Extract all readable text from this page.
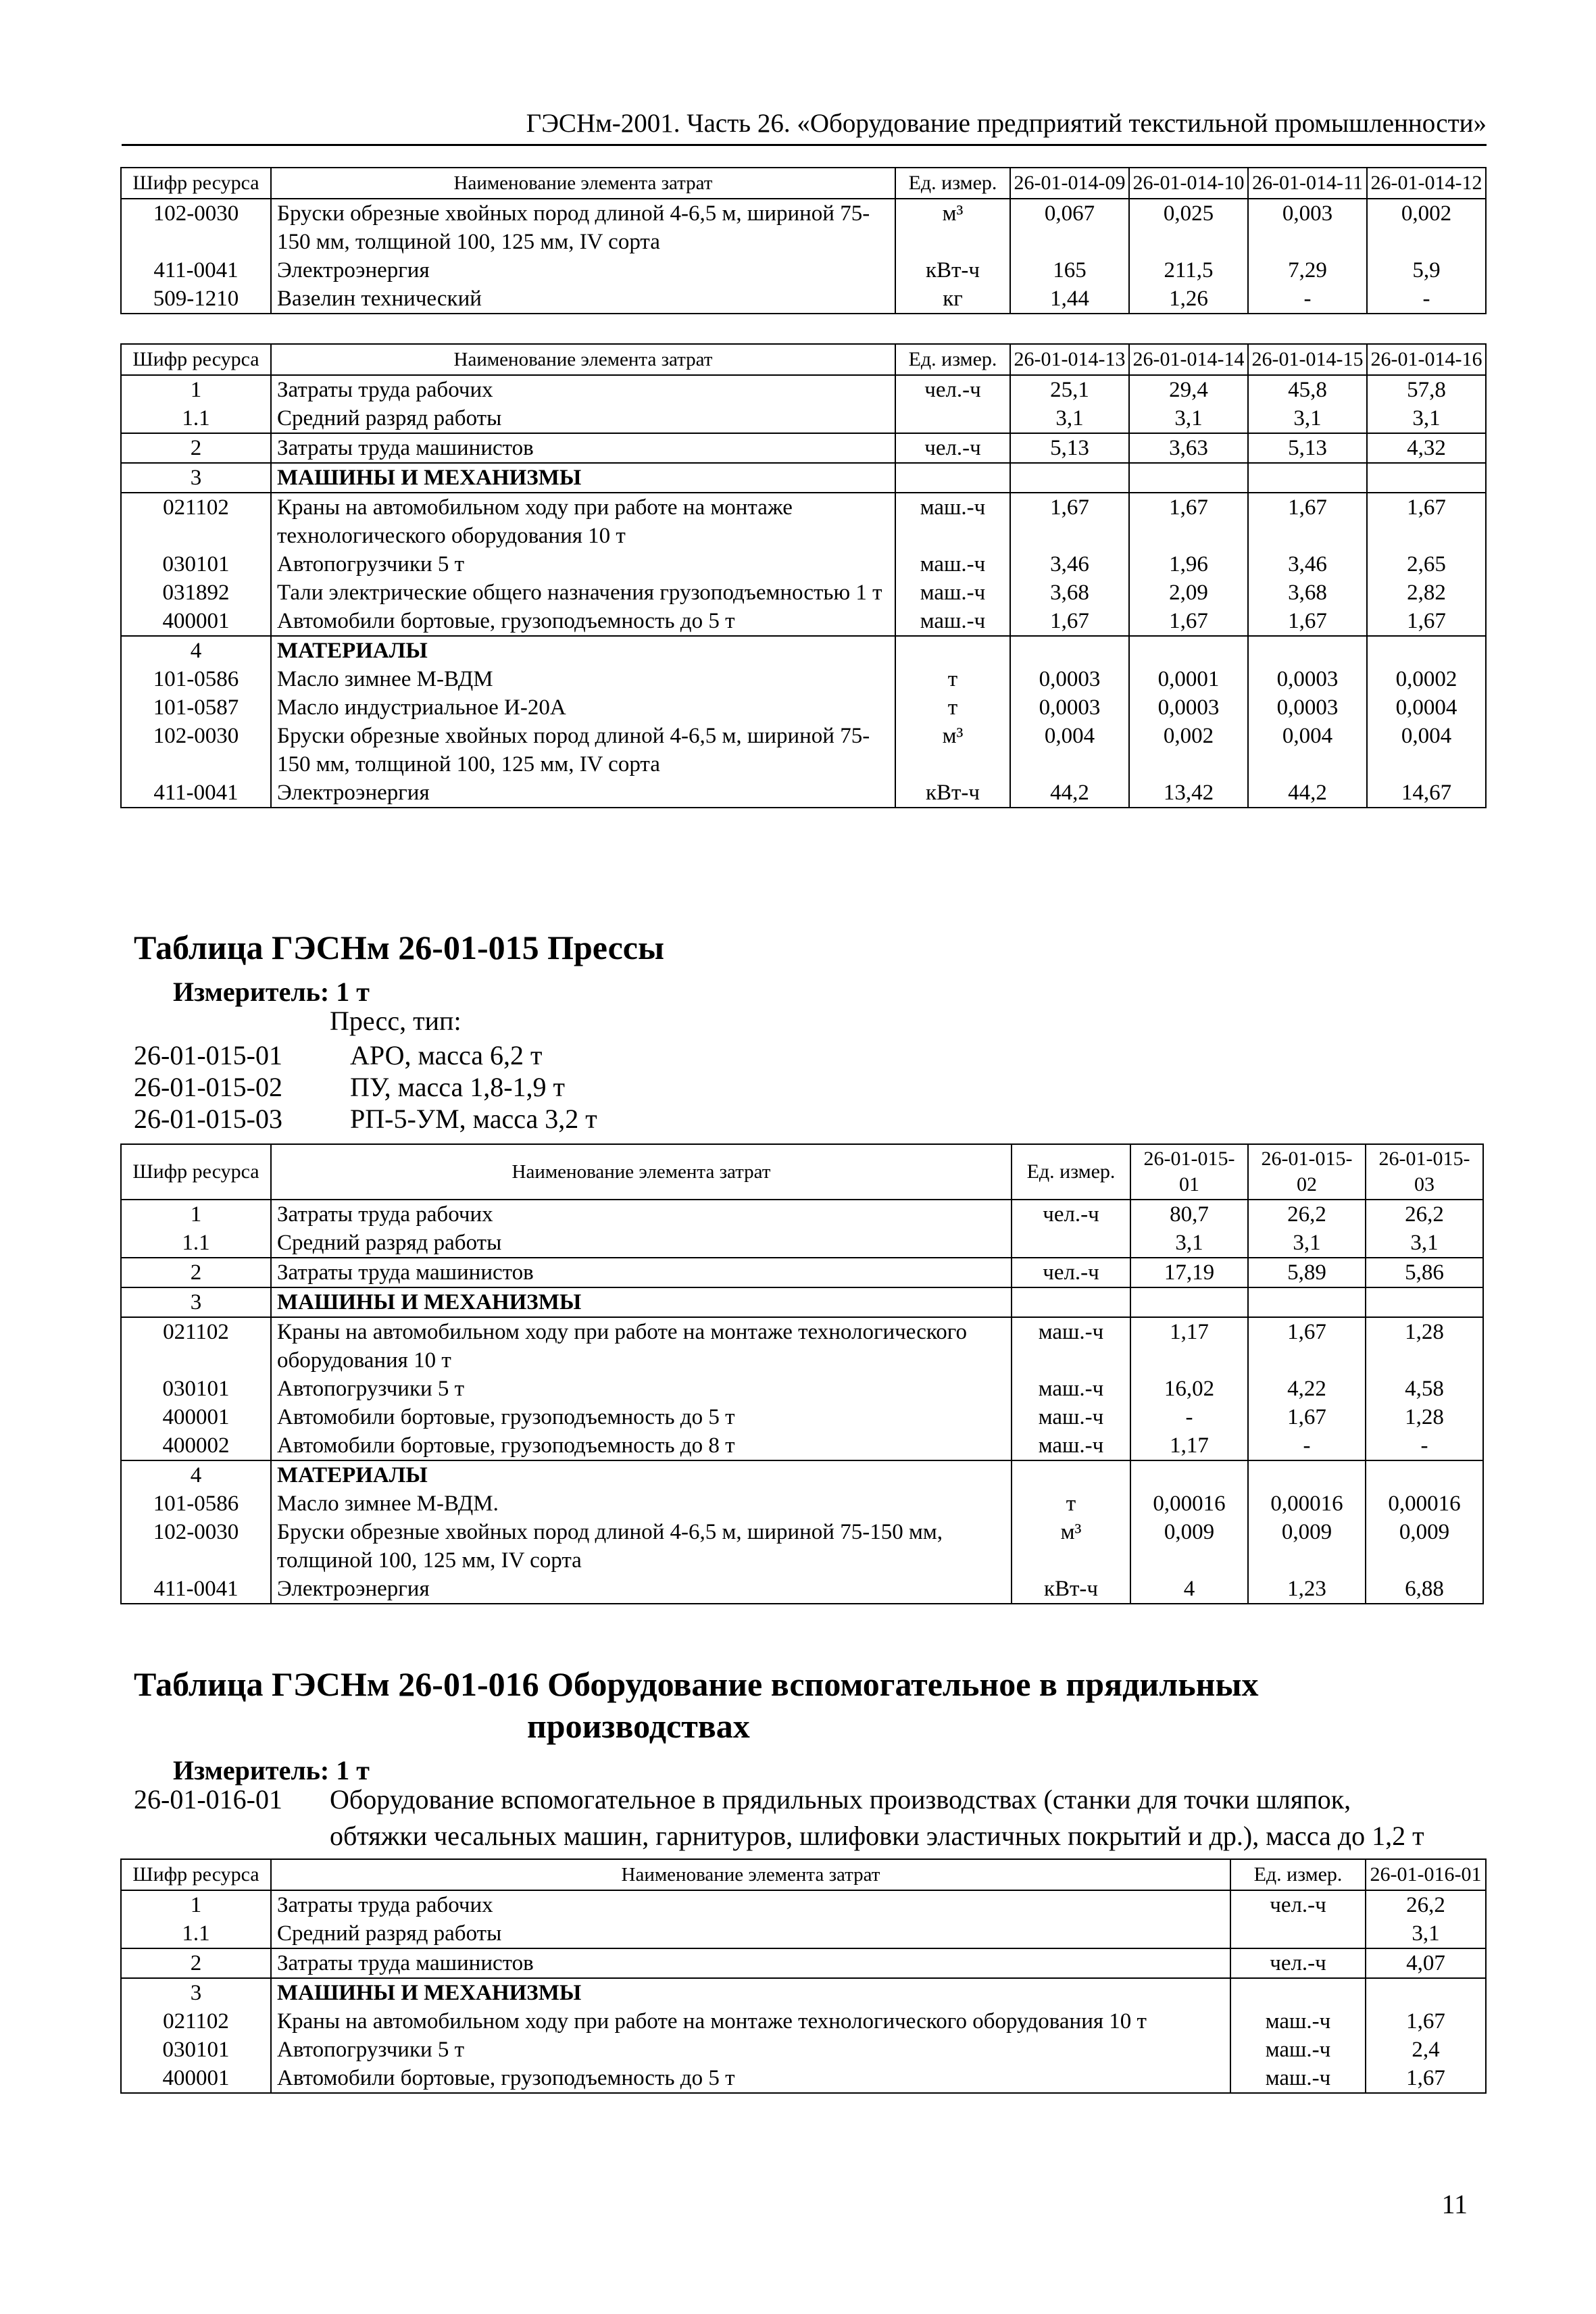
ГЭСНм-2001. Часть 26. «Оборудование предприятий текстильной промышленности»
Шифр ресурса	Наименование элемента затрат	Ед. измер.	26-01-014-09	26-01-014-10	26-01-014-11	26-01-014-12
102-0030	Бруски обрезные хвойных пород длиной 4-6,5 м, шириной 75-150 мм, толщиной 100, 125 мм, IV сорта	м³	0,067	0,025	0,003	0,002
411-0041	Электроэнергия	кВт-ч	165	211,5	7,29	5,9
509-1210	Вазелин технический	кг	1,44	1,26	-	-
Шифр ресурса	Наименование элемента затрат	Ед. измер.	26-01-014-13	26-01-014-14	26-01-014-15	26-01-014-16
1	Затраты труда рабочих	чел.-ч	25,1	29,4	45,8	57,8
1.1	Средний разряд работы		3,1	3,1	3,1	3,1
2	Затраты труда машинистов	чел.-ч	5,13	3,63	5,13	4,32
3	МАШИНЫ И МЕХАНИЗМЫ					
021102	Краны на автомобильном ходу при работе на монтаже технологического оборудования 10 т	маш.-ч	1,67	1,67	1,67	1,67
030101	Автопогрузчики 5 т	маш.-ч	3,46	1,96	3,46	2,65
031892	Тали электрические общего назначения грузоподъемностью 1 т	маш.-ч	3,68	2,09	3,68	2,82
400001	Автомобили бортовые, грузоподъемность до 5 т	маш.-ч	1,67	1,67	1,67	1,67
4	МАТЕРИАЛЫ					
101-0586	Масло зимнее М-ВДМ	т	0,0003	0,0001	0,0003	0,0002
101-0587	Масло индустриальное И-20А	т	0,0003	0,0003	0,0003	0,0004
102-0030	Бруски обрезные хвойных пород длиной 4-6,5 м, шириной 75-150 мм, толщиной 100, 125 мм, IV сорта	м³	0,004	0,002	0,004	0,004
411-0041	Электроэнергия	кВт-ч	44,2	13,42	44,2	14,67
Таблица ГЭСНм 26-01-015 Прессы
Измеритель: 1 т
Пресс, тип:
26-01-015-01	АРО, масса 6,2 т
26-01-015-02	ПУ, масса 1,8-1,9 т
26-01-015-03	РП-5-УМ, масса 3,2 т
Шифр ресурса	Наименование элемента затрат	Ед. измер.	26-01-015-01	26-01-015-02	26-01-015-03
1	Затраты труда рабочих	чел.-ч	80,7	26,2	26,2
1.1	Средний разряд работы		3,1	3,1	3,1
2	Затраты труда машинистов	чел.-ч	17,19	5,89	5,86
3	МАШИНЫ И МЕХАНИЗМЫ				
021102	Краны на автомобильном ходу при работе на монтаже технологического оборудования 10 т	маш.-ч	1,17	1,67	1,28
030101	Автопогрузчики 5 т	маш.-ч	16,02	4,22	4,58
400001	Автомобили бортовые, грузоподъемность до 5 т	маш.-ч	-	1,67	1,28
400002	Автомобили бортовые, грузоподъемность до 8 т	маш.-ч	1,17	-	-
4	МАТЕРИАЛЫ				
101-0586	Масло зимнее М-ВДМ.	т	0,00016	0,00016	0,00016
102-0030	Бруски обрезные хвойных пород длиной 4-6,5 м, шириной 75-150 мм, толщиной 100, 125 мм, IV сорта	м³	0,009	0,009	0,009
411-0041	Электроэнергия	кВт-ч	4	1,23	6,88
Таблица ГЭСНм 26-01-016 Оборудование вспомогательное в прядильных
производствах
Измеритель: 1 т
26-01-016-01 Оборудование вспомогательное в прядильных производствах (станки для точки шляпок,
обтяжки чесальных машин, гарнитуров, шлифовки эластичных покрытий и др.), масса до 1,2 т
Шифр ресурса	Наименование элемента затрат	Ед. измер.	26-01-016-01
1	Затраты труда рабочих	чел.-ч	26,2
1.1	Средний разряд работы		3,1
2	Затраты труда машинистов	чел.-ч	4,07
3	МАШИНЫ И МЕХАНИЗМЫ		
021102	Краны на автомобильном ходу при работе на монтаже технологического оборудования 10 т	маш.-ч	1,67
030101	Автопогрузчики 5 т	маш.-ч	2,4
400001	Автомобили бортовые, грузоподъемность до 5 т	маш.-ч	1,67
11
